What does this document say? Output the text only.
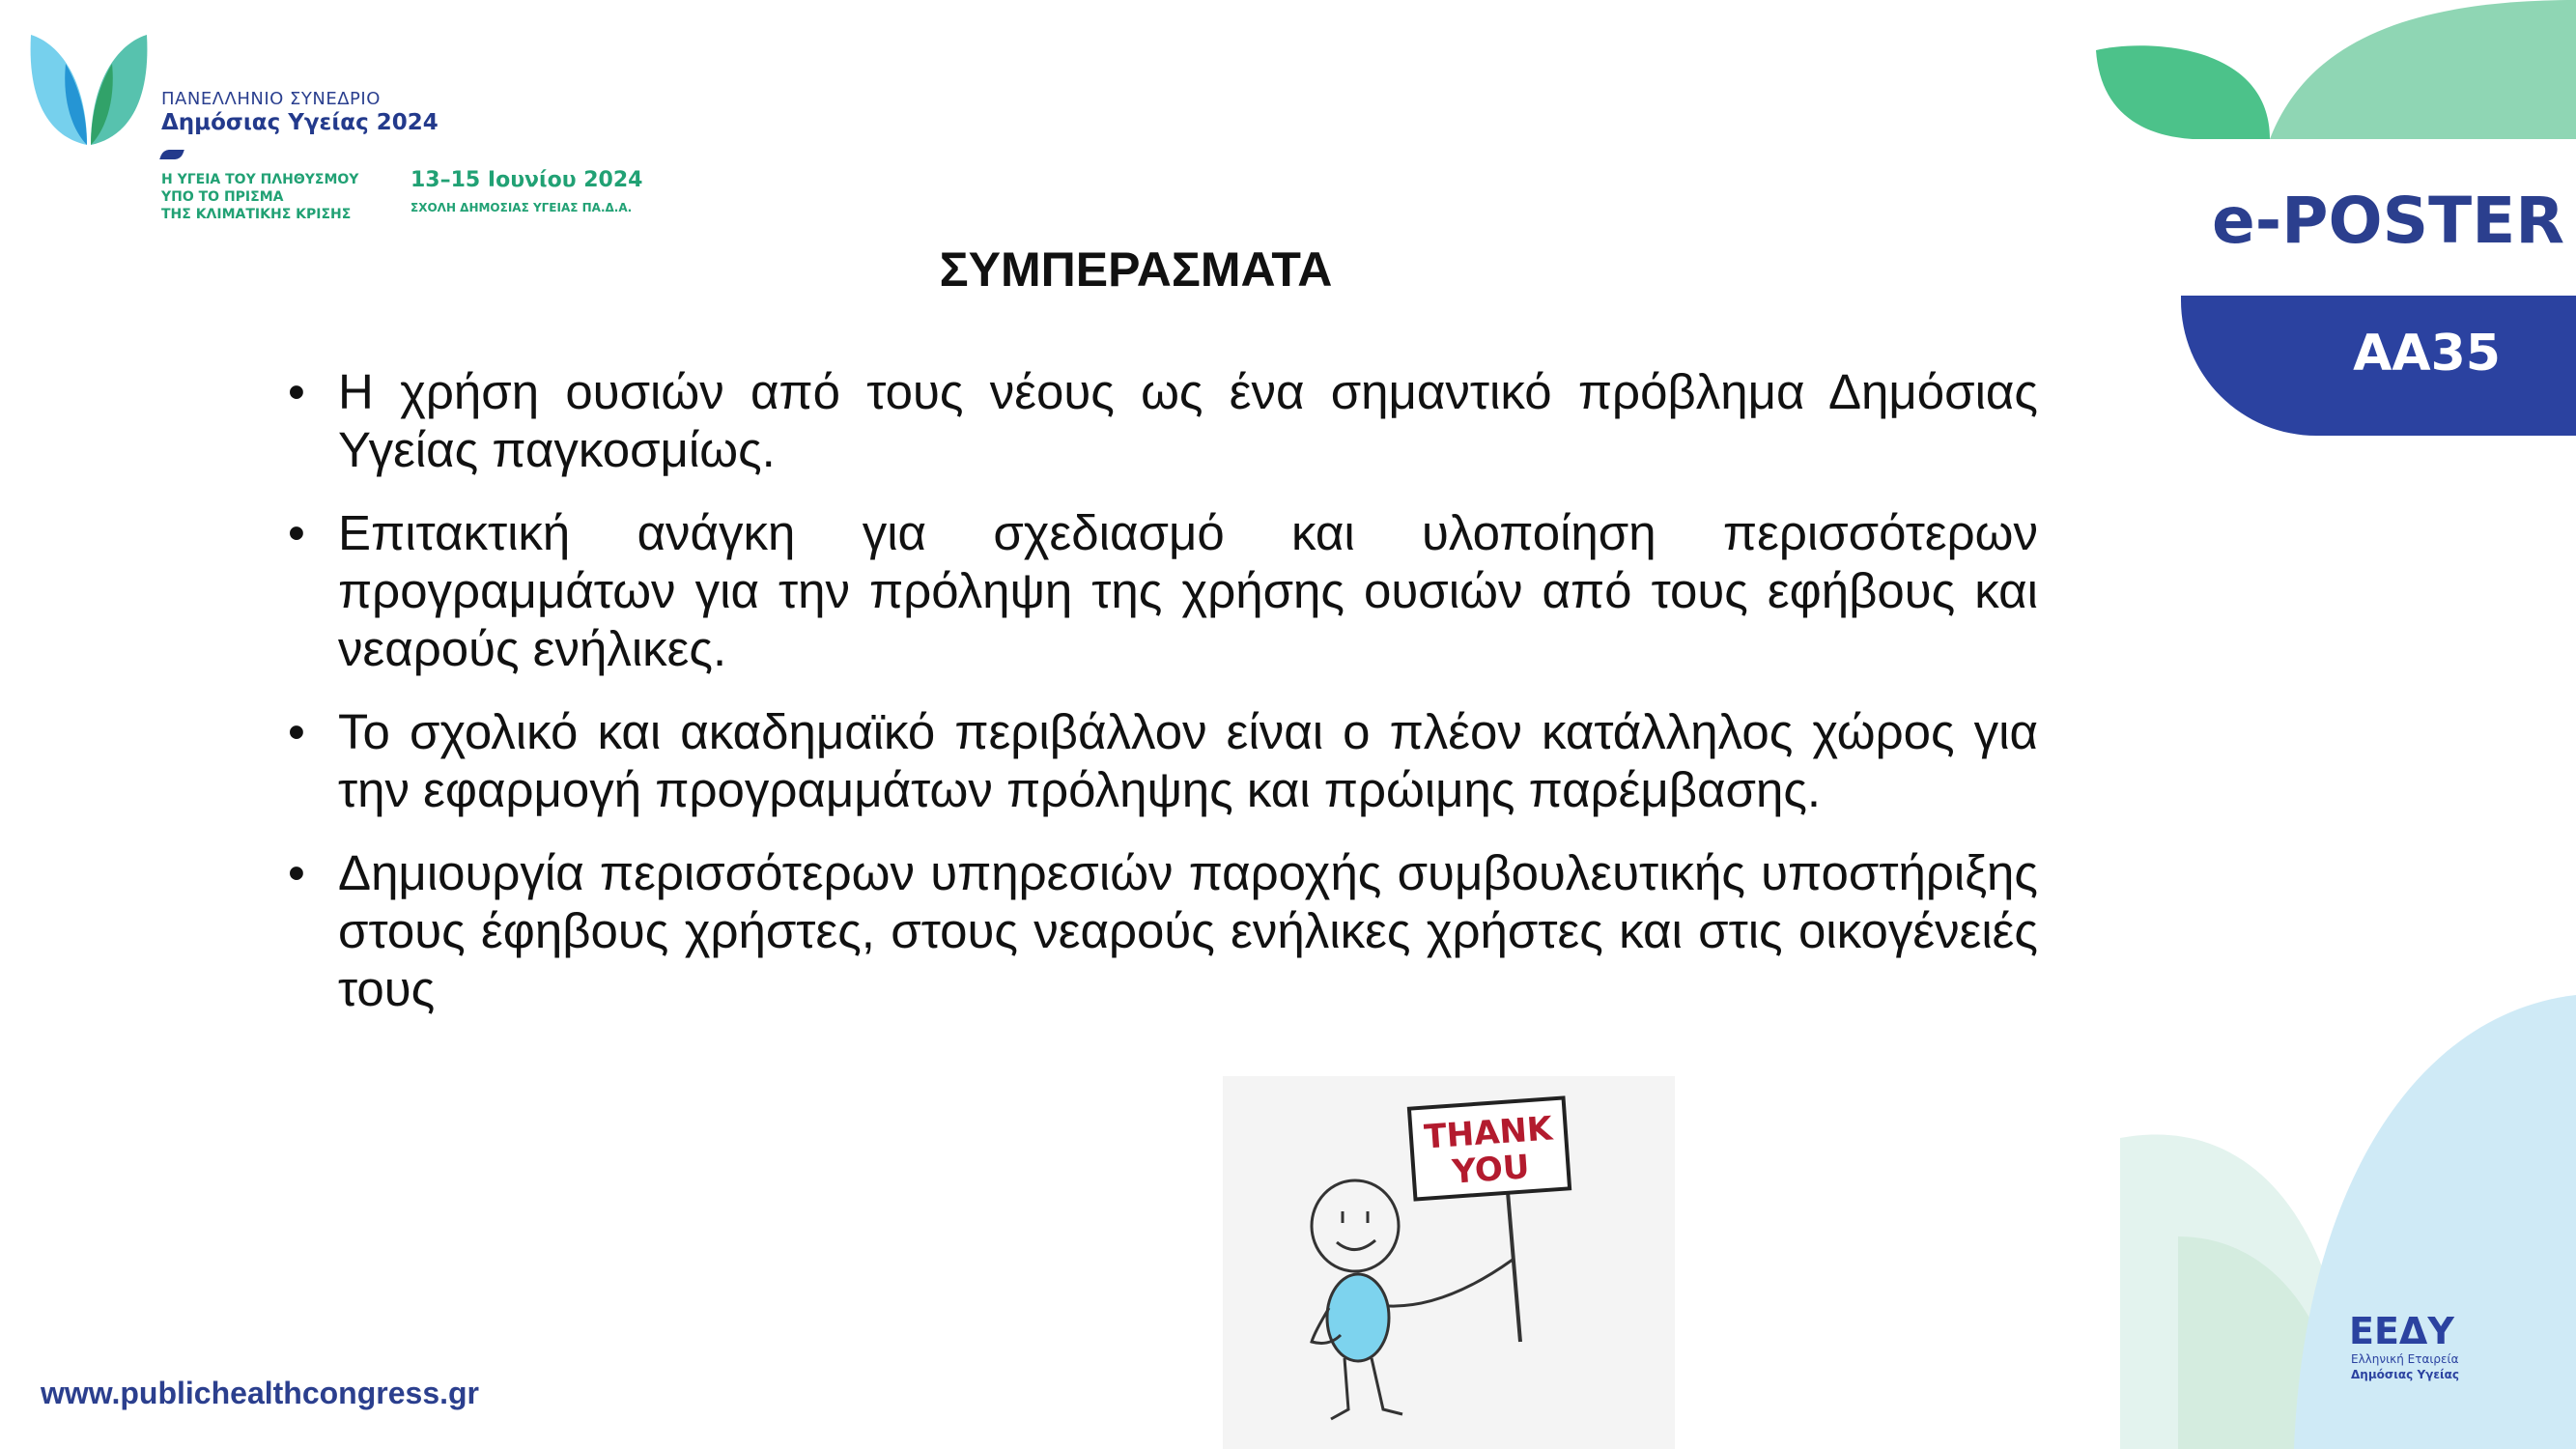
ΠΑΝΕΛΛΗΝΙΟ ΣΥΝΕΔΡΙΟ
Δημόσιας Υγείας 2024
Η ΥΓΕΙΑ ΤΟΥ ΠΛΗΘΥΣΜΟΥ
ΥΠΟ ΤΟ ΠΡΙΣΜΑ
ΤΗΣ ΚΛΙΜΑΤΙΚΗΣ ΚΡΙΣΗΣ
13–15 Ιουνίου 2024
ΣΧΟΛΗ ΔΗΜΟΣΙΑΣ ΥΓΕΙΑΣ ΠΑ.Δ.Α.	e-POSTER
AA35
ΣΥΜΠΕΡΑΣΜΑΤΑ
• Η χρήση ουσιών από τους νέους ως ένα σημαντικό πρόβλημα Δημόσιας Υγείας παγκοσμίως.
• Επιτακτική ανάγκη για σχεδιασμό και υλοποίηση περισσότερων προγραμμάτων για την πρόληψη της χρήσης ουσιών από τους εφήβους και νεαρούς ενήλικες.
• Το σχολικό και ακαδημαϊκό περιβάλλον είναι ο πλέον κατάλληλος χώρος για την εφαρμογή προγραμμάτων πρόληψης και πρώιμης παρέμβασης.
• Δημιουργία περισσότερων υπηρεσιών παροχής συμβουλευτικής υποστήριξης στους έφηβους χρήστες, στους νεαρούς ενήλικες χρήστες και στις οικογένειές τους
THANK
YOU
ΕΕΔΥ
Ελληνική Εταιρεία
Δημόσιας Υγείας
www.publichealthcongress.gr
